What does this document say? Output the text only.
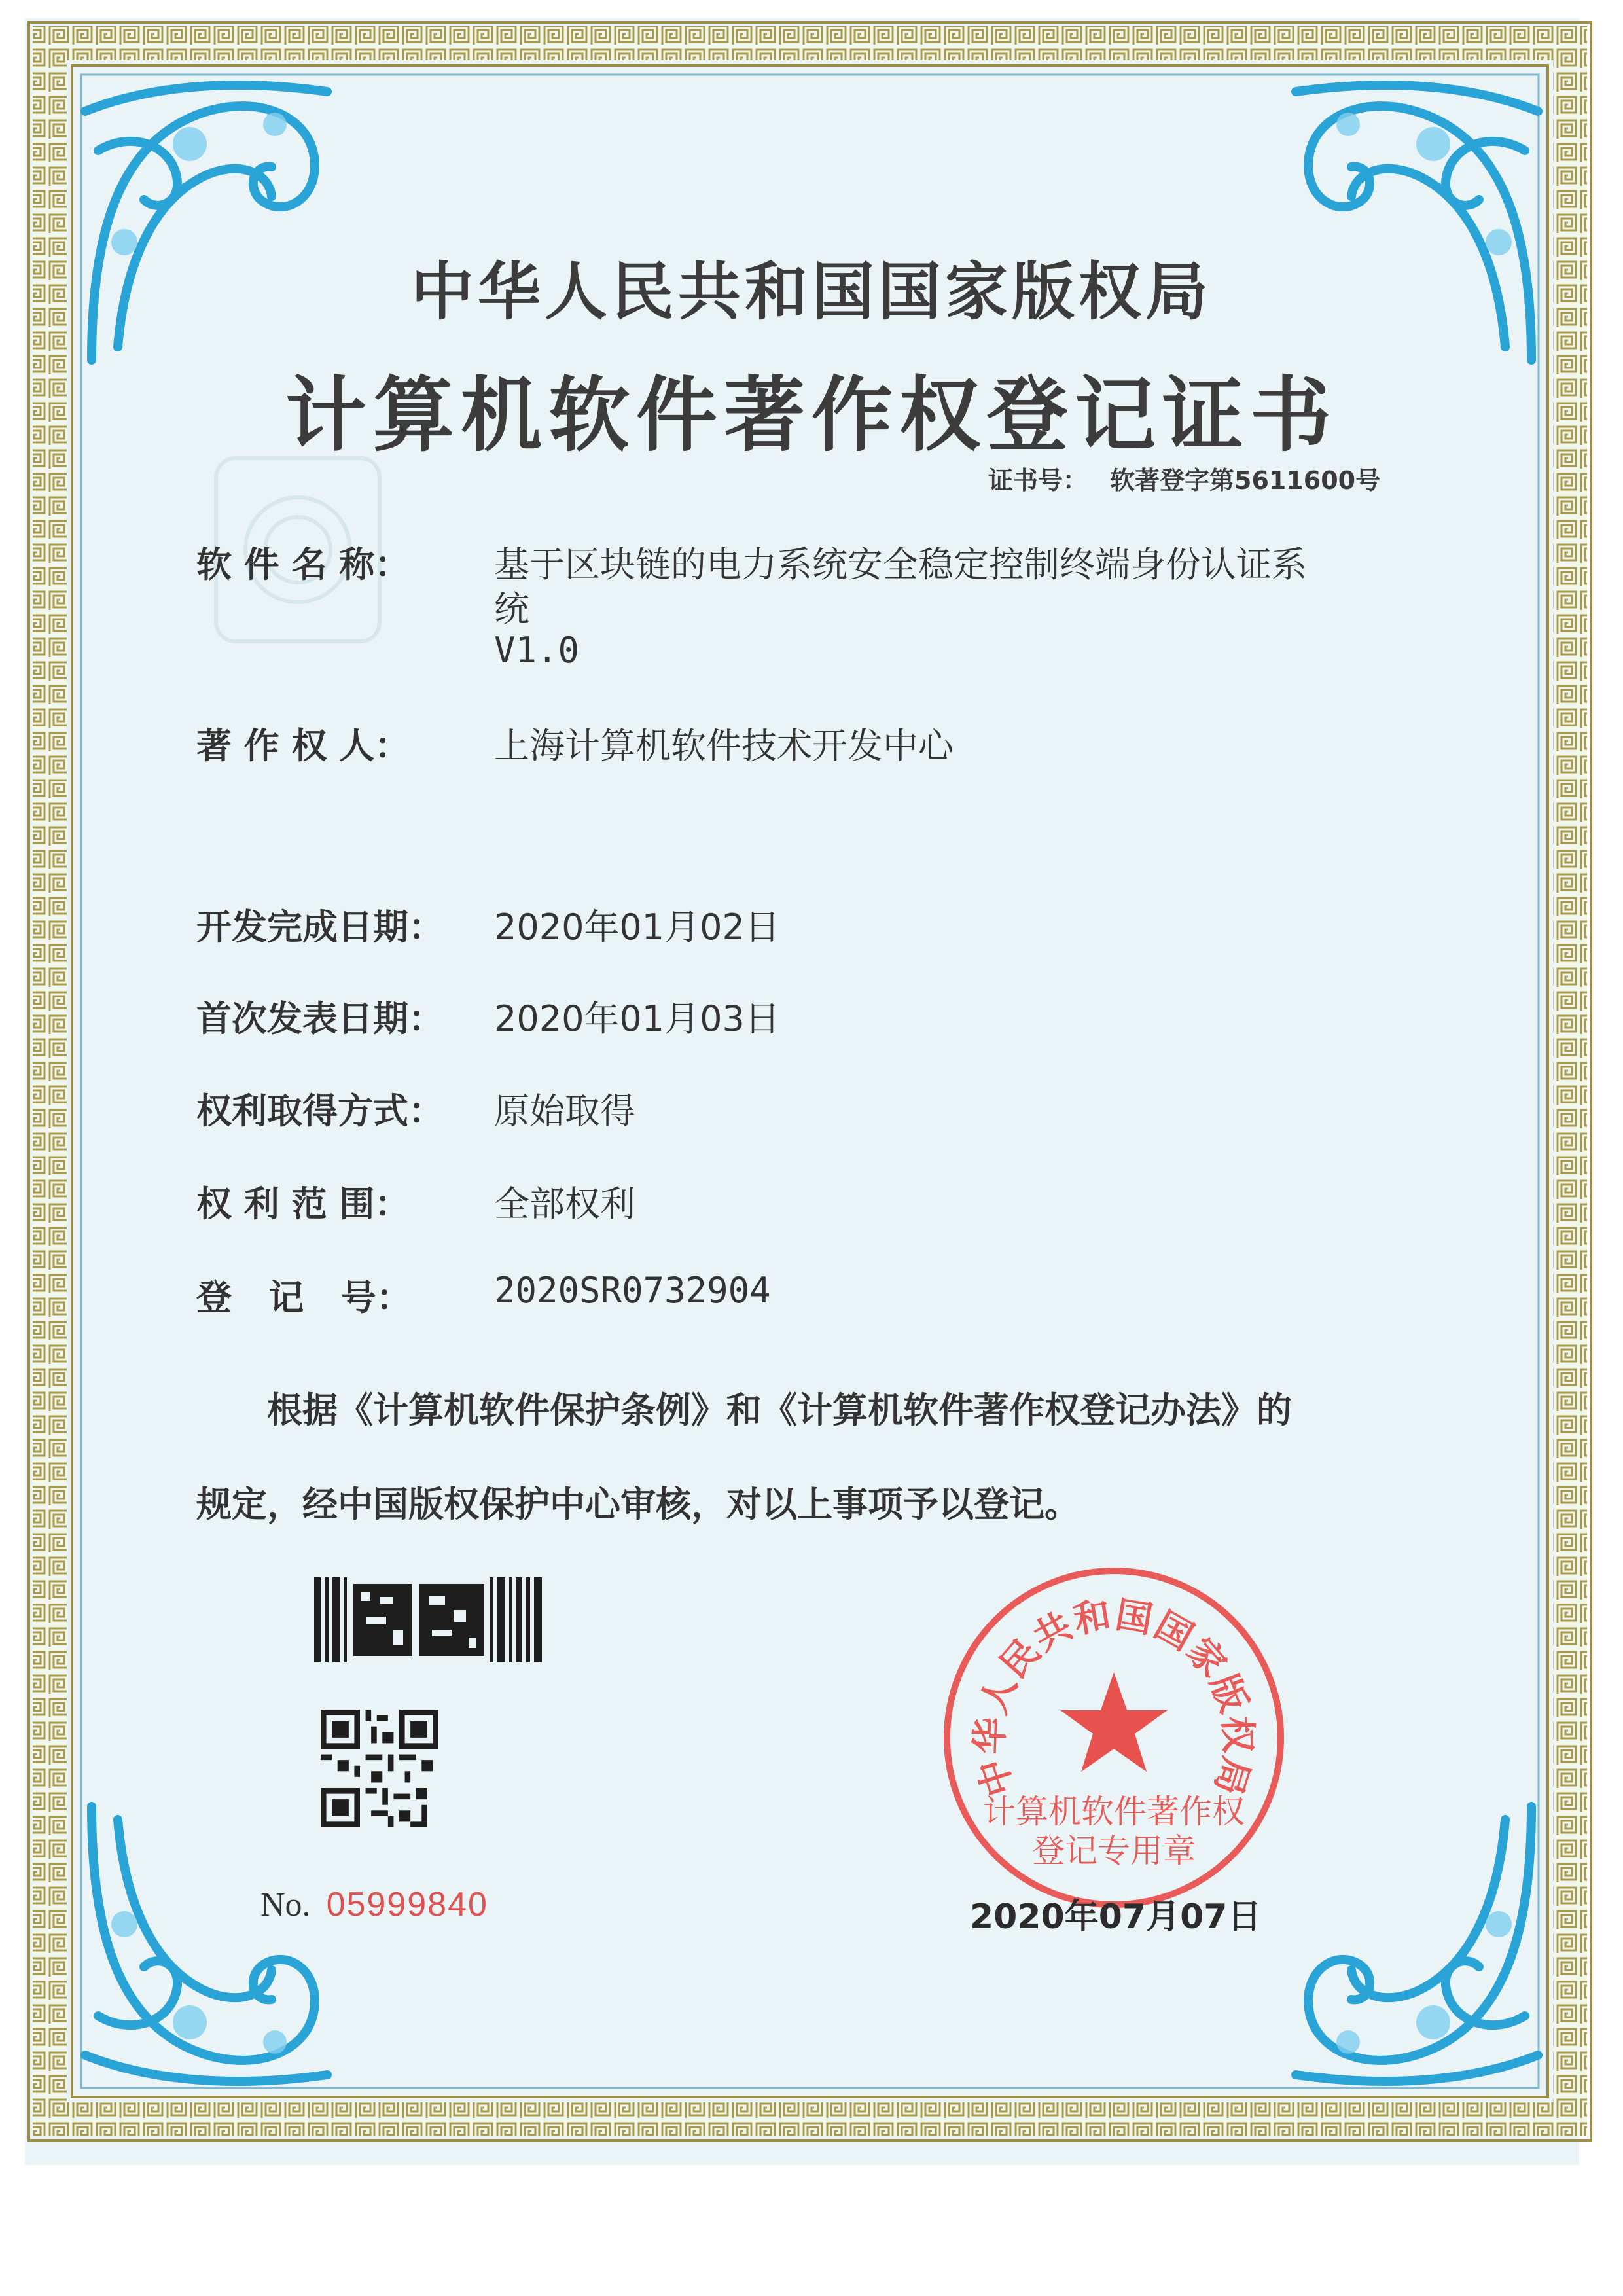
中华人民共和国国家版权局
计算机软件著作权登记证书
证书号： 软著登字第5611600号
软 件 名 称：	基于区块链的电力系统安全稳定控制终端身份认证系
统
V1.0
著 作 权 人：	上海计算机软件技术开发中心
开发完成日期：	2020年01月02日
首次发表日期：	2020年01月03日
权利取得方式：	原始取得
权 利 范 围：	全部权利
登   记   号：	2020SR0732904
根据《计算机软件保护条例》和《计算机软件著作权登记办法》的
规定，经中国版权保护中心审核，对以上事项予以登记。
No. 05999840
中华人民共和国国家版权局
计算机软件著作权
登记专用章
2020年07月07日
